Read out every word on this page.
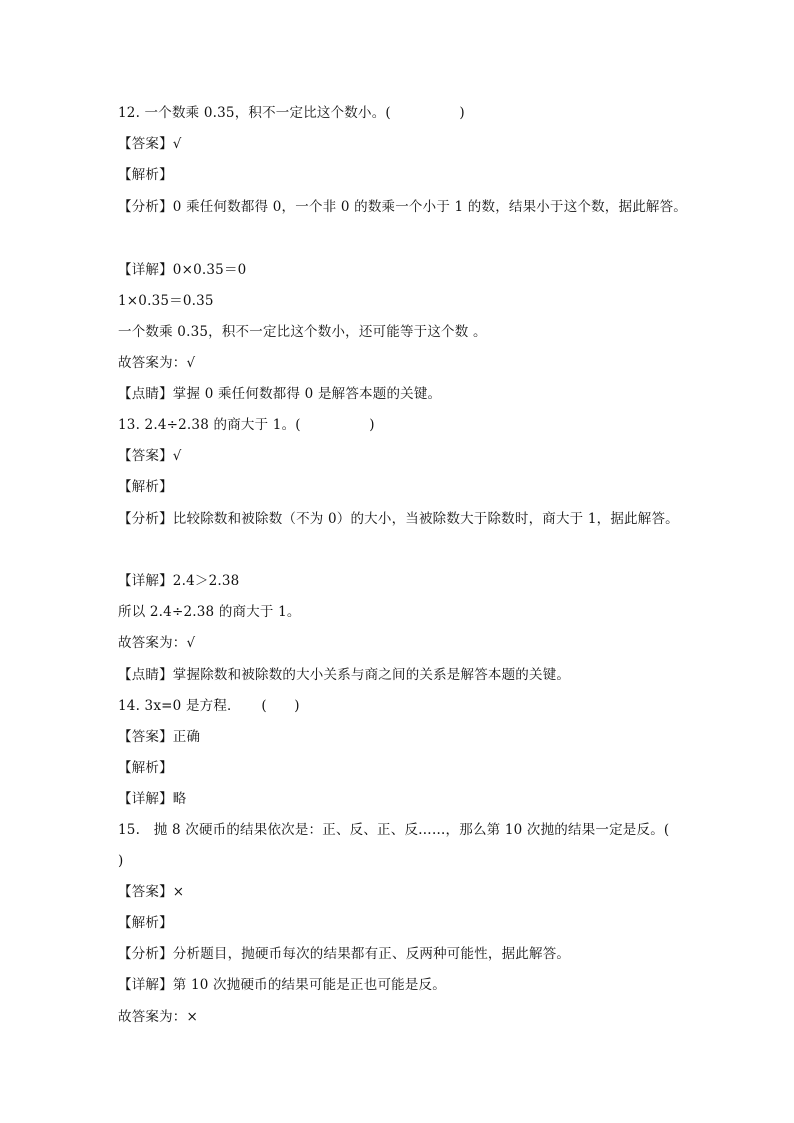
12. 一个数乘 0.35，积不一定比这个数小。(　　　　　)
【答案】√
【解析】
【分析】0 乘任何数都得 0，一个非 0 的数乘一个小于 1 的数，结果小于这个数，据此解答。
【详解】0×0.35＝0
1×0.35＝0.35
一个数乘 0.35，积不一定比这个数小，还可能等于这个数 。
故答案为：√
【点睛】掌握 0 乘任何数都得 0 是解答本题的关键。
13. 2.4÷2.38 的商大于 1。(　　　　　)
【答案】√
【解析】
【分析】比较除数和被除数（不为 0）的大小，当被除数大于除数时，商大于 1，据此解答。
【详解】2.4＞2.38
所以 2.4÷2.38 的商大于 1。
故答案为：√
【点睛】掌握除数和被除数的大小关系与商之间的关系是解答本题的关键。
14. 3x=0 是方程．　　(　　)
【答案】正确
【解析】
【详解】略
15.　抛 8 次硬币的结果依次是：正、反、正、反……，那么第 10 次抛的结果一定是反。(
)
【答案】×
【解析】
【分析】分析题目，抛硬币每次的结果都有正、反两种可能性，据此解答。
【详解】第 10 次抛硬币的结果可能是正也可能是反。
故答案为：×
